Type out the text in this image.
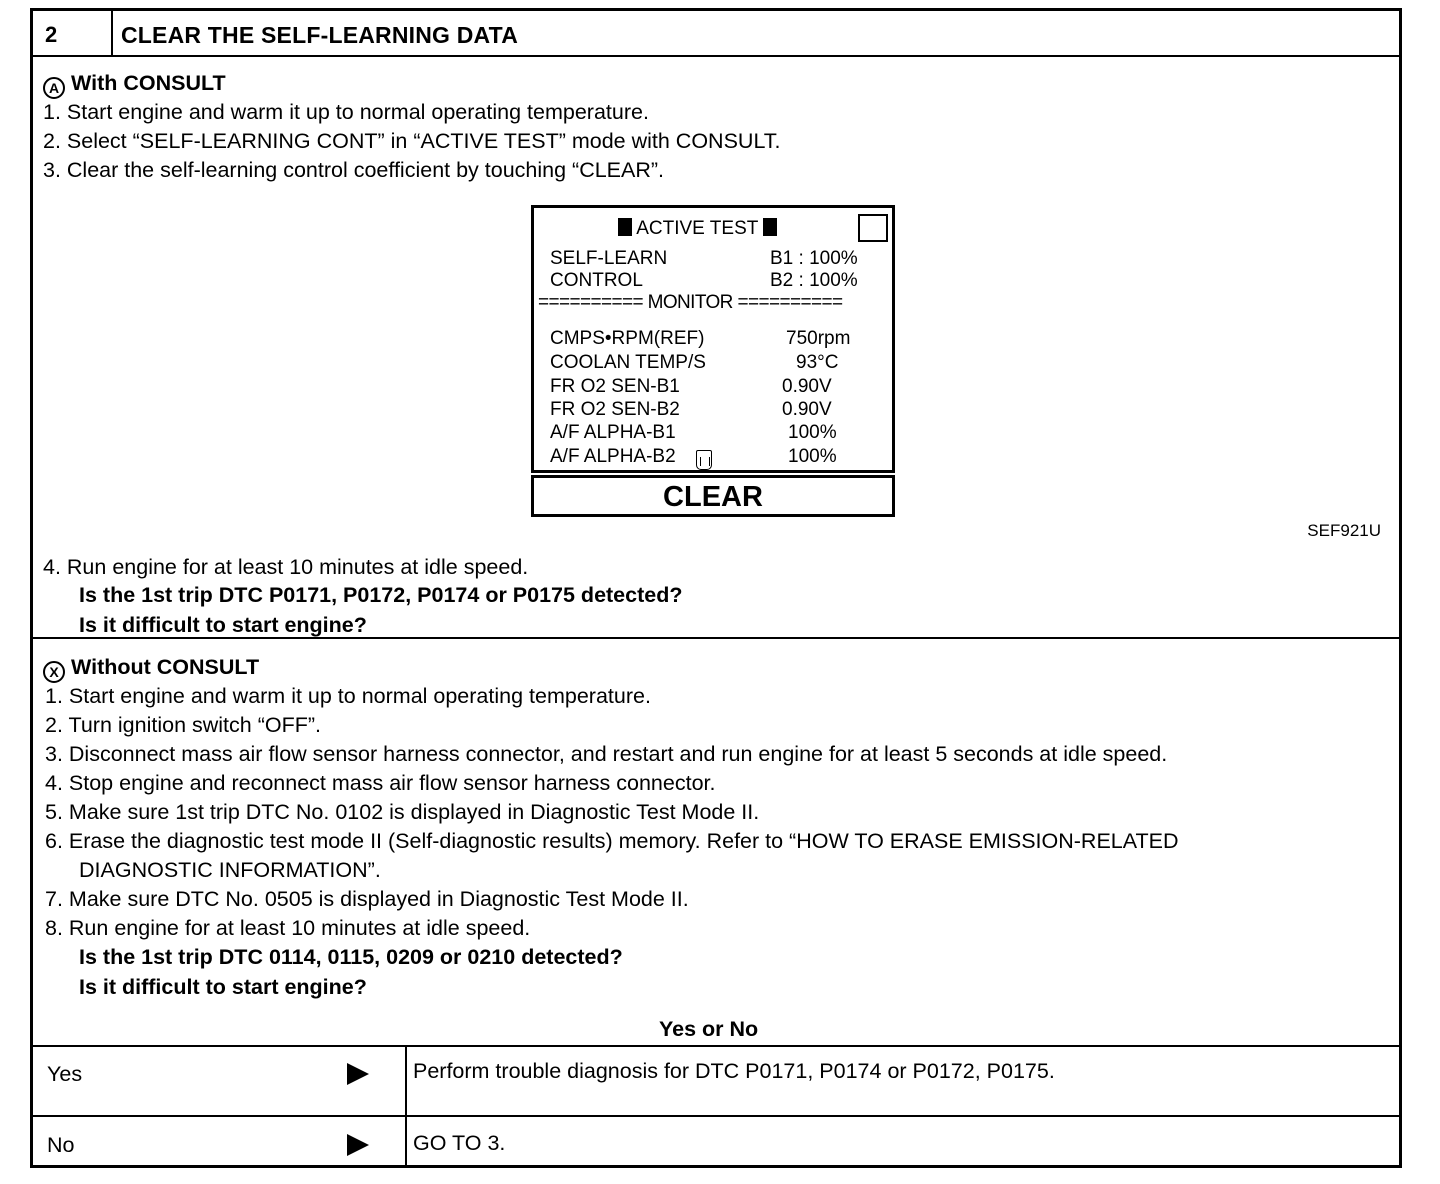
2	CLEAR THE SELF-LEARNING DATA
A With CONSULT
1. Start engine and warm it up to normal operating temperature.
2. Select “SELF-LEARNING CONT” in “ACTIVE TEST” mode with CONSULT.
3. Clear the self-learning control coefficient by touching “CLEAR”.
ACTIVE TEST
SELF-LEARN	B1 : 100%
CONTROL	B2 : 100%
========== MONITOR ==========
CMPS•RPM(REF)	750rpm
COOLAN TEMP/S	93°C
FR O2 SEN-B1	0.90V
FR O2 SEN-B2	0.90V
A/F ALPHA-B1	100%
A/F ALPHA-B2	100%
CLEAR
SEF921U
4. Run engine for at least 10 minutes at idle speed.
Is the 1st trip DTC P0171, P0172, P0174 or P0175 detected?
Is it difficult to start engine?
X Without CONSULT
1. Start engine and warm it up to normal operating temperature.
2. Turn ignition switch “OFF”.
3. Disconnect mass air flow sensor harness connector, and restart and run engine for at least 5 seconds at idle speed.
4. Stop engine and reconnect mass air flow sensor harness connector.
5. Make sure 1st trip DTC No. 0102 is displayed in Diagnostic Test Mode II.
6. Erase the diagnostic test mode II (Self-diagnostic results) memory. Refer to “HOW TO ERASE EMISSION-RELATED
DIAGNOSTIC INFORMATION”.
7. Make sure DTC No. 0505 is displayed in Diagnostic Test Mode II.
8. Run engine for at least 10 minutes at idle speed.
Is the 1st trip DTC 0114, 0115, 0209 or 0210 detected?
Is it difficult to start engine?
Yes or No
Yes	Perform trouble diagnosis for DTC P0171, P0174 or P0172, P0175.
No	GO TO 3.
